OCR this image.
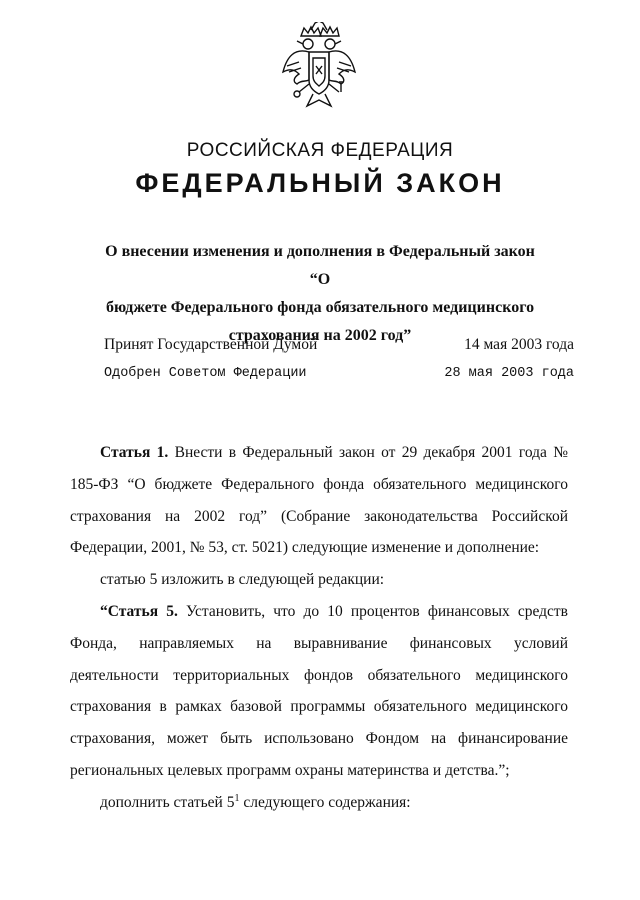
РОССИЙСКАЯ ФЕДЕРАЦИЯ
ФЕДЕРАЛЬНЫЙ ЗАКОН
О внесении изменения и дополнения в Федеральный закон “О
бюджете Федерального фонда обязательного медицинского
страхования на 2002 год”
Принят Государственной Думой	14 мая 2003 года
Одобрен Советом Федерации	28 мая 2003 года

Статья 1. Внести в Федеральный закон от 29 декабря 2001 года № 185-ФЗ “О бюджете Федерального фонда обязательного медицинского страхования на 2002 год” (Собрание законодательства Российской Федерации, 2001, № 53, ст. 5021) следующие изменение и дополнение:

статью 5 изложить в следующей редакции:

“Статья 5. Установить, что до 10 процентов финансовых средств Фонда, направляемых на выравнивание финансовых условий деятельности территориальных фондов обязательного медицинского страхования в рамках базовой программы обязательного медицинского страхования, может быть использовано Фондом на финансирование региональных целевых программ охраны материнства и детства.”;

дополнить статьей $5^1$ следующего содержания:
